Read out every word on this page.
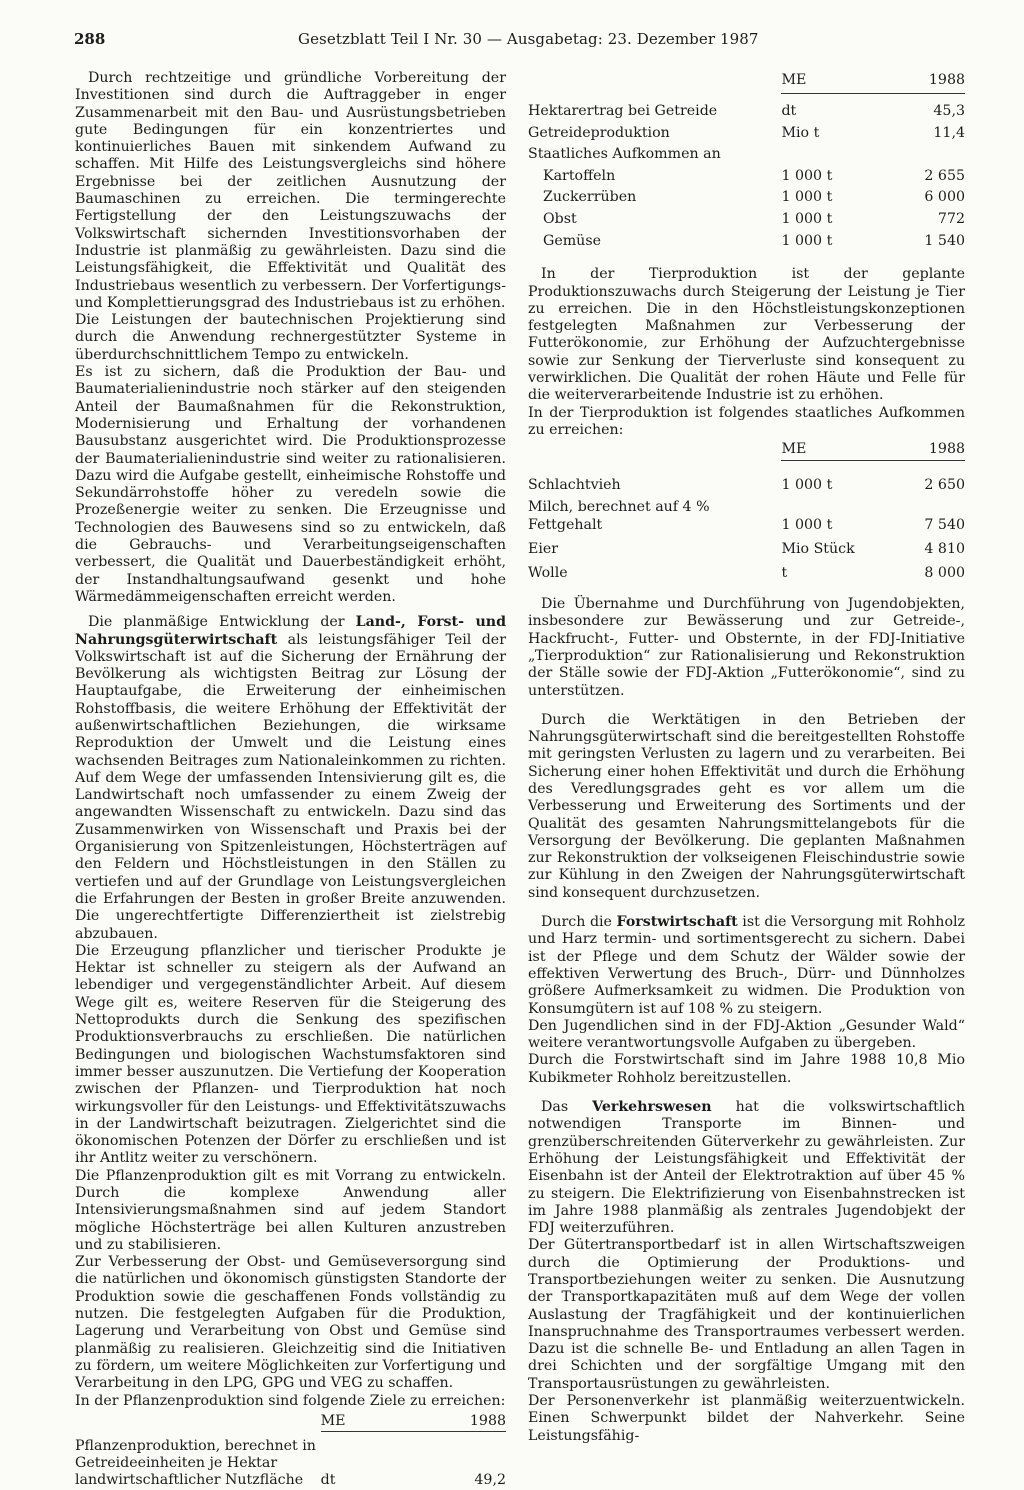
288	Gesetzblatt Teil I Nr. 30 — Ausgabetag: 23. Dezember 1987

Durch rechtzeitige und gründliche Vorbereitung der Investitionen sind durch die Auftraggeber in enger Zusammenarbeit mit den Bau- und Ausrüstungsbetrieben gute Bedingungen für ein konzentriertes und kontinuierliches Bauen mit sinkendem Aufwand zu schaffen. Mit Hilfe des Leistungsvergleichs sind höhere Ergebnisse bei der zeitlichen Ausnutzung der Baumaschinen zu erreichen. Die termingerechte Fertigstellung der den Leistungszuwachs der Volkswirtschaft sichernden Investitionsvorhaben der Industrie ist planmäßig zu gewährleisten. Dazu sind die Leistungsfähigkeit, die Effektivität und Qualität des Industriebaus wesentlich zu verbessern. Der Vorfertigungs- und Komplettierungsgrad des Industriebaus ist zu erhöhen.

Die Leistungen der bautechnischen Projektierung sind durch die Anwendung rechnergestützter Systeme in überdurchschnittlichem Tempo zu entwickeln.

Es ist zu sichern, daß die Produktion der Bau- und Baumaterialienindustrie noch stärker auf den steigenden Anteil der Baumaßnahmen für die Rekonstruktion, Modernisierung und Erhaltung der vorhandenen Bausubstanz ausgerichtet wird. Die Produktionsprozesse der Baumaterialienindustrie sind weiter zu rationalisieren. Dazu wird die Aufgabe gestellt, einheimische Rohstoffe und Sekundärrohstoffe höher zu veredeln sowie die Prozeßenergie weiter zu senken. Die Erzeugnisse und Technologien des Bauwesens sind so zu entwickeln, daß die Gebrauchs- und Verarbeitungseigenschaften verbessert, die Qualität und Dauerbeständigkeit erhöht, der Instandhaltungsaufwand gesenkt und hohe Wärmedämmeigenschaften erreicht werden.

Die planmäßige Entwicklung der Land-, Forst- und Nahrungsgüterwirtschaft als leistungsfähiger Teil der Volkswirtschaft ist auf die Sicherung der Ernährung der Bevölkerung als wichtigsten Beitrag zur Lösung der Hauptaufgabe, die Erweiterung der einheimischen Rohstoffbasis, die weitere Erhöhung der Effektivität der außenwirtschaftlichen Beziehungen, die wirksame Reproduktion der Umwelt und die Leistung eines wachsenden Beitrages zum Nationaleinkommen zu richten. Auf dem Wege der umfassenden Intensivierung gilt es, die Landwirtschaft noch umfassender zu einem Zweig der angewandten Wissenschaft zu entwickeln. Dazu sind das Zusammenwirken von Wissenschaft und Praxis bei der Organisierung von Spitzenleistungen, Höchsterträgen auf den Feldern und Höchstleistungen in den Ställen zu vertiefen und auf der Grundlage von Leistungsvergleichen die Erfahrungen der Besten in großer Breite anzuwenden. Die ungerechtfertigte Differenziertheit ist zielstrebig abzubauen.

Die Erzeugung pflanzlicher und tierischer Produkte je Hektar ist schneller zu steigern als der Aufwand an lebendiger und vergegenständlichter Arbeit. Auf diesem Wege gilt es, weitere Reserven für die Steigerung des Nettoprodukts durch die Senkung des spezifischen Produktionsverbrauchs zu erschließen. Die natürlichen Bedingungen und biologischen Wachstumsfaktoren sind immer besser auszunutzen. Die Vertiefung der Kooperation zwischen der Pflanzen- und Tierproduktion hat noch wirkungsvoller für den Leistungs- und Effektivitätszuwachs in der Landwirtschaft beizutragen. Zielgerichtet sind die ökonomischen Potenzen der Dörfer zu erschließen und ist ihr Antlitz weiter zu verschönern.

Die Pflanzenproduktion gilt es mit Vorrang zu entwickeln. Durch die komplexe Anwendung aller Intensivierungsmaßnahmen sind auf jedem Standort mögliche Höchsterträge bei allen Kulturen anzustreben und zu stabilisieren.

Zur Verbesserung der Obst- und Gemüseversorgung sind die natürlichen und ökonomisch günstigsten Standorte der Produktion sowie die geschaffenen Fonds vollständig zu nutzen. Die festgelegten Aufgaben für die Produktion, Lagerung und Verarbeitung von Obst und Gemüse sind planmäßig zu realisieren. Gleichzeitig sind die Initiativen zu fördern, um weitere Möglichkeiten zur Vorfertigung und Verarbeitung in den LPG, GPG und VEG zu schaffen.

In der Pflanzenproduktion sind folgende Ziele zu erreichen:

	ME	1988
Pflanzenproduktion, berechnet in Getreideeinheiten je Hektar landwirtschaftlicher Nutzfläche	dt	49,2
	ME	1988

Hektarertrag bei Getreide	dt	45,3
Getreideproduktion	Mio t	11,4
Staatliches Aufkommen an		
Kartoffeln	1 000 t	2 655
Zuckerrüben	1 000 t	6 000
Obst	1 000 t	772
Gemüse	1 000 t	1 540

In der Tierproduktion ist der geplante Produktionszuwachs durch Steigerung der Leistung je Tier zu erreichen. Die in den Höchstleistungskonzeptionen festgelegten Maßnahmen zur Verbesserung der Futterökonomie, zur Erhöhung der Aufzuchtergebnisse sowie zur Senkung der Tierverluste sind konsequent zu verwirklichen. Die Qualität der rohen Häute und Felle für die weiterverarbeitende Industrie ist zu erhöhen.

In der Tierproduktion ist folgendes staatliches Aufkommen zu erreichen:

	ME	1988

Schlachtvieh	1 000 t	2 650
Milch, berechnet auf 4 % Fettgehalt	1 000 t	7 540
Eier	Mio Stück	4 810
Wolle	t	8 000

Die Übernahme und Durchführung von Jugendobjekten, insbesondere zur Bewässerung und zur Getreide-, Hackfrucht-, Futter- und Obsternte, in der FDJ-Initiative „Tierproduktion“ zur Rationalisierung und Rekonstruktion der Ställe sowie der FDJ-Aktion „Futterökonomie“, sind zu unterstützen.

Durch die Werktätigen in den Betrieben der Nahrungsgüterwirtschaft sind die bereitgestellten Rohstoffe mit geringsten Verlusten zu lagern und zu verarbeiten. Bei Sicherung einer hohen Effektivität und durch die Erhöhung des Veredlungsgrades geht es vor allem um die Verbesserung und Erweiterung des Sortiments und der Qualität des gesamten Nahrungsmittelangebots für die Versorgung der Bevölkerung. Die geplanten Maßnahmen zur Rekonstruktion der volkseigenen Fleischindustrie sowie zur Kühlung in den Zweigen der Nahrungsgüterwirtschaft sind konsequent durchzusetzen.

Durch die Forstwirtschaft ist die Versorgung mit Rohholz und Harz termin- und sortimentsgerecht zu sichern. Dabei ist der Pflege und dem Schutz der Wälder sowie der effektiven Verwertung des Bruch-, Dürr- und Dünnholzes größere Aufmerksamkeit zu widmen. Die Produktion von Konsumgütern ist auf 108 % zu steigern.

Den Jugendlichen sind in der FDJ-Aktion „Gesunder Wald“ weitere verantwortungsvolle Aufgaben zu übergeben.

Durch die Forstwirtschaft sind im Jahre 1988 10,8 Mio Kubikmeter Rohholz bereitzustellen.

Das Verkehrswesen hat die volkswirtschaftlich notwendigen Transporte im Binnen- und grenzüberschreitenden Güterverkehr zu gewährleisten. Zur Erhöhung der Leistungsfähigkeit und Effektivität der Eisenbahn ist der Anteil der Elektrotraktion auf über 45 % zu steigern. Die Elektrifizierung von Eisenbahnstrecken ist im Jahre 1988 planmäßig als zentrales Jugendobjekt der FDJ weiterzuführen.

Der Gütertransportbedarf ist in allen Wirtschaftszweigen durch die Optimierung der Produktions- und Transportbeziehungen weiter zu senken. Die Ausnutzung der Transportkapazitäten muß auf dem Wege der vollen Auslastung der Tragfähigkeit und der kontinuierlichen Inanspruchnahme des Transportraumes verbessert werden. Dazu ist die schnelle Be- und Entladung an allen Tagen in drei Schichten und der sorgfältige Umgang mit den Transportausrüstungen zu gewährleisten.

Der Personenverkehr ist planmäßig weiterzuentwickeln. Einen Schwerpunkt bildet der Nahverkehr. Seine Leistungsfähig-
